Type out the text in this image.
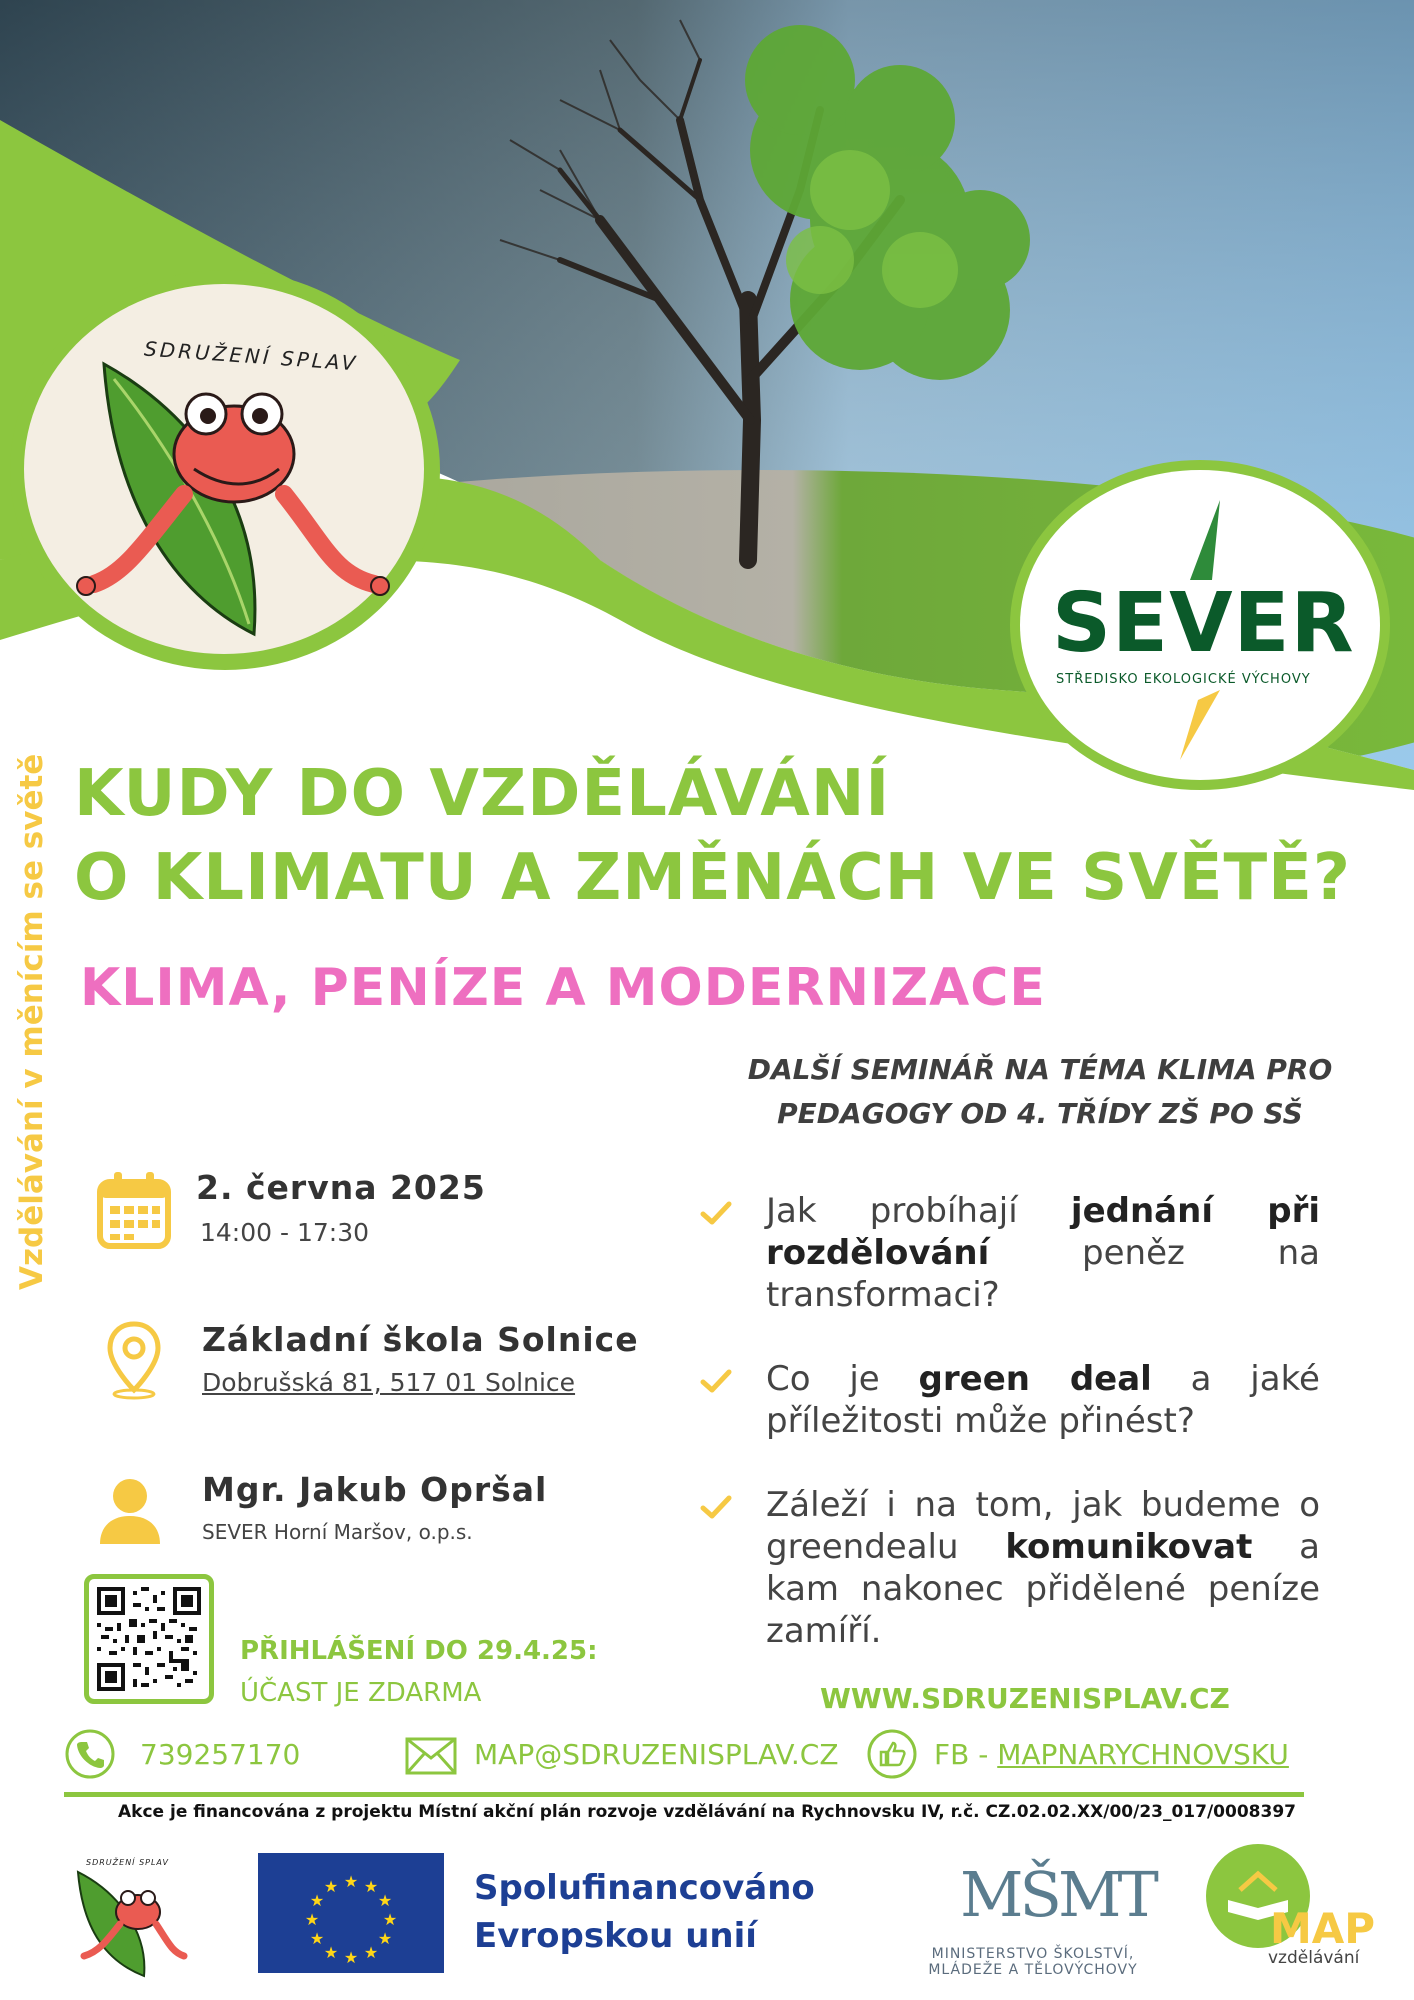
SDRUŽENÍ SPLAV
SEVER
STŘEDISKO EKOLOGICKÉ VÝCHOVY
Vzdělávání v měnícím se světě KUDY DO VZDĚLÁVÁNÍ
O KLIMATU A ZMĚNÁCH VE SVĚTĚ?
KLIMA, PENÍZE A MODERNIZACE
DALŠÍ SEMINÁŘ NA TÉMA KLIMA PRO
PEDAGOGY OD 4. TŘÍDY ZŠ PO SŠ
2. června 2025
14:00 - 17:30
Základní škola Solnice
Dobrušská 81, 517 01 Solnice
Mgr. Jakub Opršal
SEVER Horní Maršov, o.p.s.
Jak probíhají jednání při rozdělování peněz na transformaci?
Co je green deal a jaké příležitosti může přinést?
Záleží i na tom, jak budeme o greendealu komunikovat a kam nakonec přidělené peníze zamíří.
PŘIHLÁŠENÍ DO 29.4.25:
ÚČAST JE ZDARMA	WWW.SDRUZENISPLAV.CZ
739257170	MAP@SDRUZENISPLAV.CZ	FB - MAPNARYCHNOVSKU
Akce je financována z projektu Místní akční plán rozvoje vzdělávání na Rychnovsku IV, r.č. CZ.02.02.XX/00/23_017/0008397
SDRUŽENÍ SPLAV
★ ★
★
★
★
★
★
★
★
★
★
★	Spolufinancováno
Evropskou unií
MŠMT
MINISTERSTVO ŠKOLSTVÍ,
MLÁDEŽE A TĚLOVÝCHOVY
MAP
vzdělávání
